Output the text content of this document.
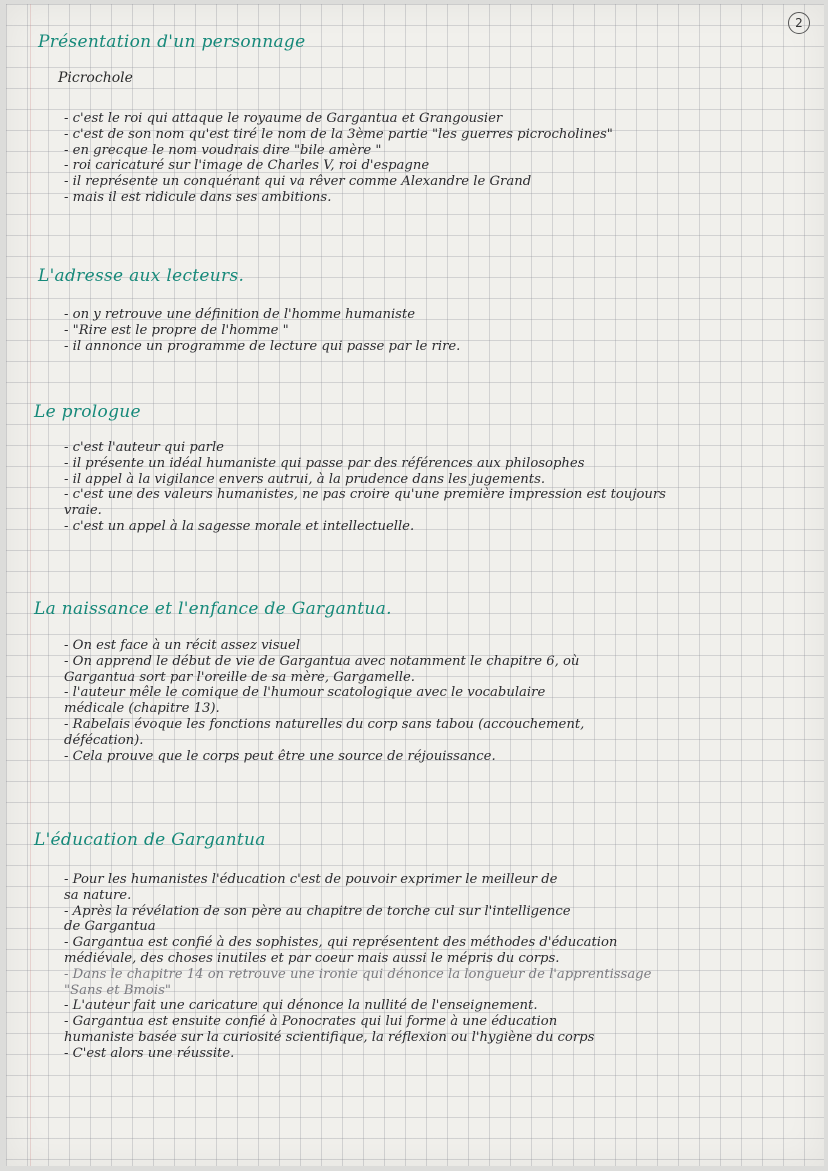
2
Présentation d'un personnage
Picrochole
- c'est le roi qui attaque le royaume de Gargantua et Grangousier
- c'est de son nom qu'est tiré le nom de la 3ème partie "les guerres picrocholines"
- en grecque le nom voudrais dire "bile amère "
- roi caricaturé sur l'image de Charles V, roi d'espagne
- il représente un conquérant qui va rêver comme Alexandre le Grand
- mais il est ridicule dans ses ambitions.
L'adresse aux lecteurs.
- on y retrouve une définition de l'homme humaniste
- "Rire est le propre de l'homme "
- il annonce un programme de lecture qui passe par le rire.
Le prologue
- c'est l'auteur qui parle
- il présente un idéal humaniste qui passe par des références aux philosophes
- il appel à la vigilance envers autrui, à la prudence dans les jugements.
- c'est une des valeurs humanistes, ne pas croire qu'une première impression est toujours
vraie.
- c'est un appel à la sagesse morale et intellectuelle.
La naissance et l'enfance de Gargantua.
- On est face à un récit assez visuel
- On apprend le début de vie de Gargantua avec notamment le chapitre 6, où
Gargantua sort par l'oreille de sa mère, Gargamelle.
- l'auteur mêle le comique de l'humour scatologique avec le vocabulaire
médicale (chapitre 13).
- Rabelais évoque les fonctions naturelles du corp sans tabou (accouchement,
défécation).
- Cela prouve que le corps peut être une source de réjouissance.
L'éducation de Gargantua
- Pour les humanistes l'éducation c'est de pouvoir exprimer le meilleur de
sa nature.
- Après la révélation de son père au chapitre de torche cul sur l'intelligence
de Gargantua
- Gargantua est confié à des sophistes, qui représentent des méthodes d'éducation
médiévale, des choses inutiles et par coeur mais aussi le mépris du corps.
- Dans le chapitre 14 on retrouve une ironie qui dénonce la longueur de l'apprentissage
"Sans et Bmois"
- L'auteur fait une caricature qui dénonce la nullité de l'enseignement.
- Gargantua est ensuite confié à Ponocrates qui lui forme à une éducation
humaniste basée sur la curiosité scientifique, la réflexion ou l'hygiène du corps
- C'est alors une réussite.
